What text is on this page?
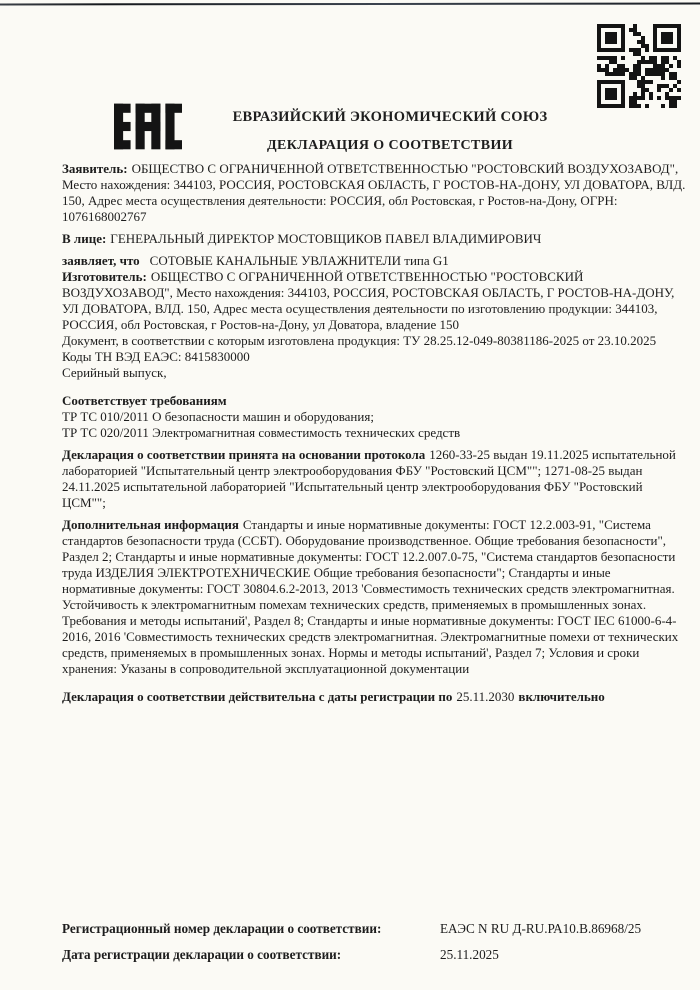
ЕВРАЗИЙСКИЙ ЭКОНОМИЧЕСКИЙ СОЮЗ
ДЕКЛАРАЦИЯ О СООТВЕТСТВИИ

Заявитель: ОБЩЕСТВО С ОГРАНИЧЕННОЙ ОТВЕТСТВЕННОСТЬЮ "РОСТОВСКИЙ ВОЗДУХОЗАВОД", Место нахождения: 344103, РОССИЯ, РОСТОВСКАЯ ОБЛАСТЬ, Г РОСТОВ-НА-ДОНУ, УЛ ДОВАТОРА, ВЛД. 150, Адрес места осуществления деятельности: РОССИЯ, обл Ростовская, г Ростов-на-Дону, ОГРН: 1076168002767

В лице: ГЕНЕРАЛЬНЫЙ ДИРЕКТОР МОСТОВЩИКОВ ПАВЕЛ ВЛАДИМИРОВИЧ

заявляет, что СОТОВЫЕ КАНАЛЬНЫЕ УВЛАЖНИТЕЛИ типа G1

Изготовитель: ОБЩЕСТВО С ОГРАНИЧЕННОЙ ОТВЕТСТВЕННОСТЬЮ "РОСТОВСКИЙ ВОЗДУХОЗАВОД", Место нахождения: 344103, РОССИЯ, РОСТОВСКАЯ ОБЛАСТЬ, Г РОСТОВ-НА-ДОНУ, УЛ ДОВАТОРА, ВЛД. 150, Адрес места осуществления деятельности по изготовлению продукции: 344103, РОССИЯ, обл Ростовская, г Ростов-на-Дону, ул Доватора, владение 150

Документ, в соответствии с которым изготовлена продукция: ТУ 28.25.12-049-80381186-2025 от 23.10.2025

Коды ТН ВЭД ЕАЭС: 8415830000

Серийный выпуск,

Соответствует требованиям

ТР ТС 010/2011 О безопасности машин и оборудования;

ТР ТС 020/2011 Электромагнитная совместимость технических средств

Декларация о соответствии принята на основании протокола 1260-33-25 выдан 19.11.2025 испытательной лабораторией "Испытательный центр электрооборудования ФБУ "Ростовский ЦСМ""; 1271-08-25 выдан 24.11.2025 испытательной лабораторией "Испытательный центр электрооборудования ФБУ "Ростовский ЦСМ"";

Дополнительная информация Стандарты и иные нормативные документы: ГОСТ 12.2.003-91, "Система стандартов безопасности труда (ССБТ). Оборудование производственное. Общие требования безопасности", Раздел 2; Стандарты и иные нормативные документы: ГОСТ 12.2.007.0-75, "Система стандартов безопасности труда ИЗДЕЛИЯ ЭЛЕКТРОТЕХНИЧЕСКИЕ Общие требования безопасности"; Стандарты и иные нормативные документы: ГОСТ 30804.6.2-2013, 2013 'Совместимость технических средств электромагнитная. Устойчивость к электромагнитным помехам технических средств, применяемых в промышленных зонах. Требования и методы испытаний', Раздел 8; Стандарты и иные нормативные документы: ГОСТ IEC 61000-6-4-2016, 2016 'Совместимость технических средств электромагнитная. Электромагнитные помехи от технических средств, применяемых в промышленных зонах. Нормы и методы испытаний', Раздел 7; Условия и сроки хранения: Указаны в сопроводительной эксплуатационной документации

Декларация о соответствии действительна с даты регистрации по 25.11.2030 включительно

Регистрационный номер декларации о соответствии:	ЕАЭС N RU Д-RU.РА10.В.86968/25
Дата регистрации декларации о соответствии:	25.11.2025
